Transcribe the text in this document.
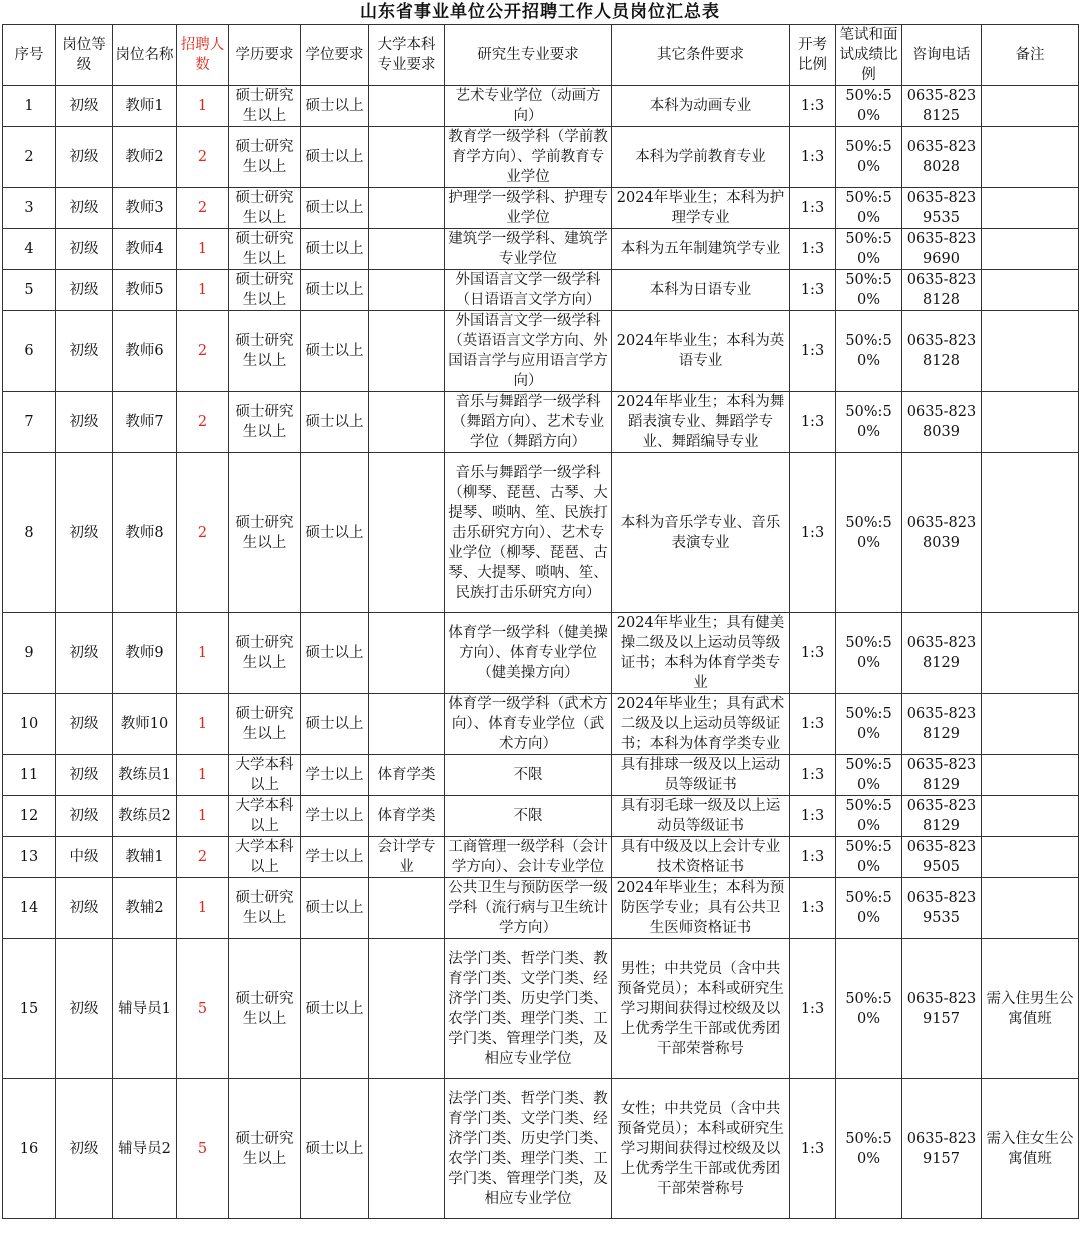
山东省事业单位公开招聘工作人员岗位汇总表
序号	岗位等级	岗位名称	招聘人数	学历要求	学位要求	大学本科专业要求	研究生专业要求	其它条件要求	开考比例	笔试和面试成绩比例	咨询电话	备注
1	初级	教师1	1	硕士研究生以上	硕士以上		艺术专业学位（动画方向）	本科为动画专业	1:3	50%:50%	0635-8238125	
2	初级	教师2	2	硕士研究生以上	硕士以上		教育学一级学科（学前教育学方向）、学前教育专业学位	本科为学前教育专业	1:3	50%:50%	0635-8238028	
3	初级	教师3	2	硕士研究生以上	硕士以上		护理学一级学科、护理专业学位	2024年毕业生；本科为护理学专业	1:3	50%:50%	0635-8239535	
4	初级	教师4	1	硕士研究生以上	硕士以上		建筑学一级学科、建筑学专业学位	本科为五年制建筑学专业	1:3	50%:50%	0635-8239690	
5	初级	教师5	1	硕士研究生以上	硕士以上		外国语言文学一级学科（日语语言文学方向）	本科为日语专业	1:3	50%:50%	0635-8238128	
6	初级	教师6	2	硕士研究生以上	硕士以上		外国语言文学一级学科（英语语言文学方向、外国语言学与应用语言学方向）	2024年毕业生；本科为英语专业	1:3	50%:50%	0635-8238128	
7	初级	教师7	2	硕士研究生以上	硕士以上		音乐与舞蹈学一级学科（舞蹈方向）、艺术专业学位（舞蹈方向）	2024年毕业生；本科为舞蹈表演专业、舞蹈学专业、舞蹈编导专业	1:3	50%:50%	0635-8238039	
8	初级	教师8	2	硕士研究生以上	硕士以上		音乐与舞蹈学一级学科（柳琴、琵琶、古琴、大提琴、唢呐、笙、民族打击乐研究方向）、艺术专业学位（柳琴、琵琶、古琴、大提琴、唢呐、笙、民族打击乐研究方向）	本科为音乐学专业、音乐表演专业	1:3	50%:50%	0635-8238039	
9	初级	教师9	1	硕士研究生以上	硕士以上		体育学一级学科（健美操方向）、体育专业学位（健美操方向）	2024年毕业生；具有健美操二级及以上运动员等级证书；本科为体育学类专业	1:3	50%:50%	0635-8238129	
10	初级	教师10	1	硕士研究生以上	硕士以上		体育学一级学科（武术方向）、体育专业学位（武术方向）	2024年毕业生；具有武术二级及以上运动员等级证书；本科为体育学类专业	1:3	50%:50%	0635-8238129	
11	初级	教练员1	1	大学本科以上	学士以上	体育学类	不限	具有排球一级及以上运动员等级证书	1:3	50%:50%	0635-8238129	
12	初级	教练员2	1	大学本科以上	学士以上	体育学类	不限	具有羽毛球一级及以上运动员等级证书	1:3	50%:50%	0635-8238129	
13	中级	教辅1	2	大学本科以上	学士以上	会计学专业	工商管理一级学科（会计学方向）、会计专业学位	具有中级及以上会计专业技术资格证书	1:3	50%:50%	0635-8239505	
14	初级	教辅2	1	硕士研究生以上	硕士以上		公共卫生与预防医学一级学科（流行病与卫生统计学方向）	2024年毕业生；本科为预防医学专业；具有公共卫生医师资格证书	1:3	50%:50%	0635-8239535	
15	初级	辅导员1	5	硕士研究生以上	硕士以上		法学门类、哲学门类、教育学门类、文学门类、经济学门类、历史学门类、农学门类、理学门类、工学门类、管理学门类，及相应专业学位	男性；中共党员（含中共预备党员）；本科或研究生学习期间获得过校级及以上优秀学生干部或优秀团干部荣誉称号	1:3	50%:50%	0635-8239157	需入住男生公寓值班
16	初级	辅导员2	5	硕士研究生以上	硕士以上		法学门类、哲学门类、教育学门类、文学门类、经济学门类、历史学门类、农学门类、理学门类、工学门类、管理学门类，及相应专业学位	女性；中共党员（含中共预备党员）；本科或研究生学习期间获得过校级及以上优秀学生干部或优秀团干部荣誉称号	1:3	50%:50%	0635-8239157	需入住女生公寓值班
